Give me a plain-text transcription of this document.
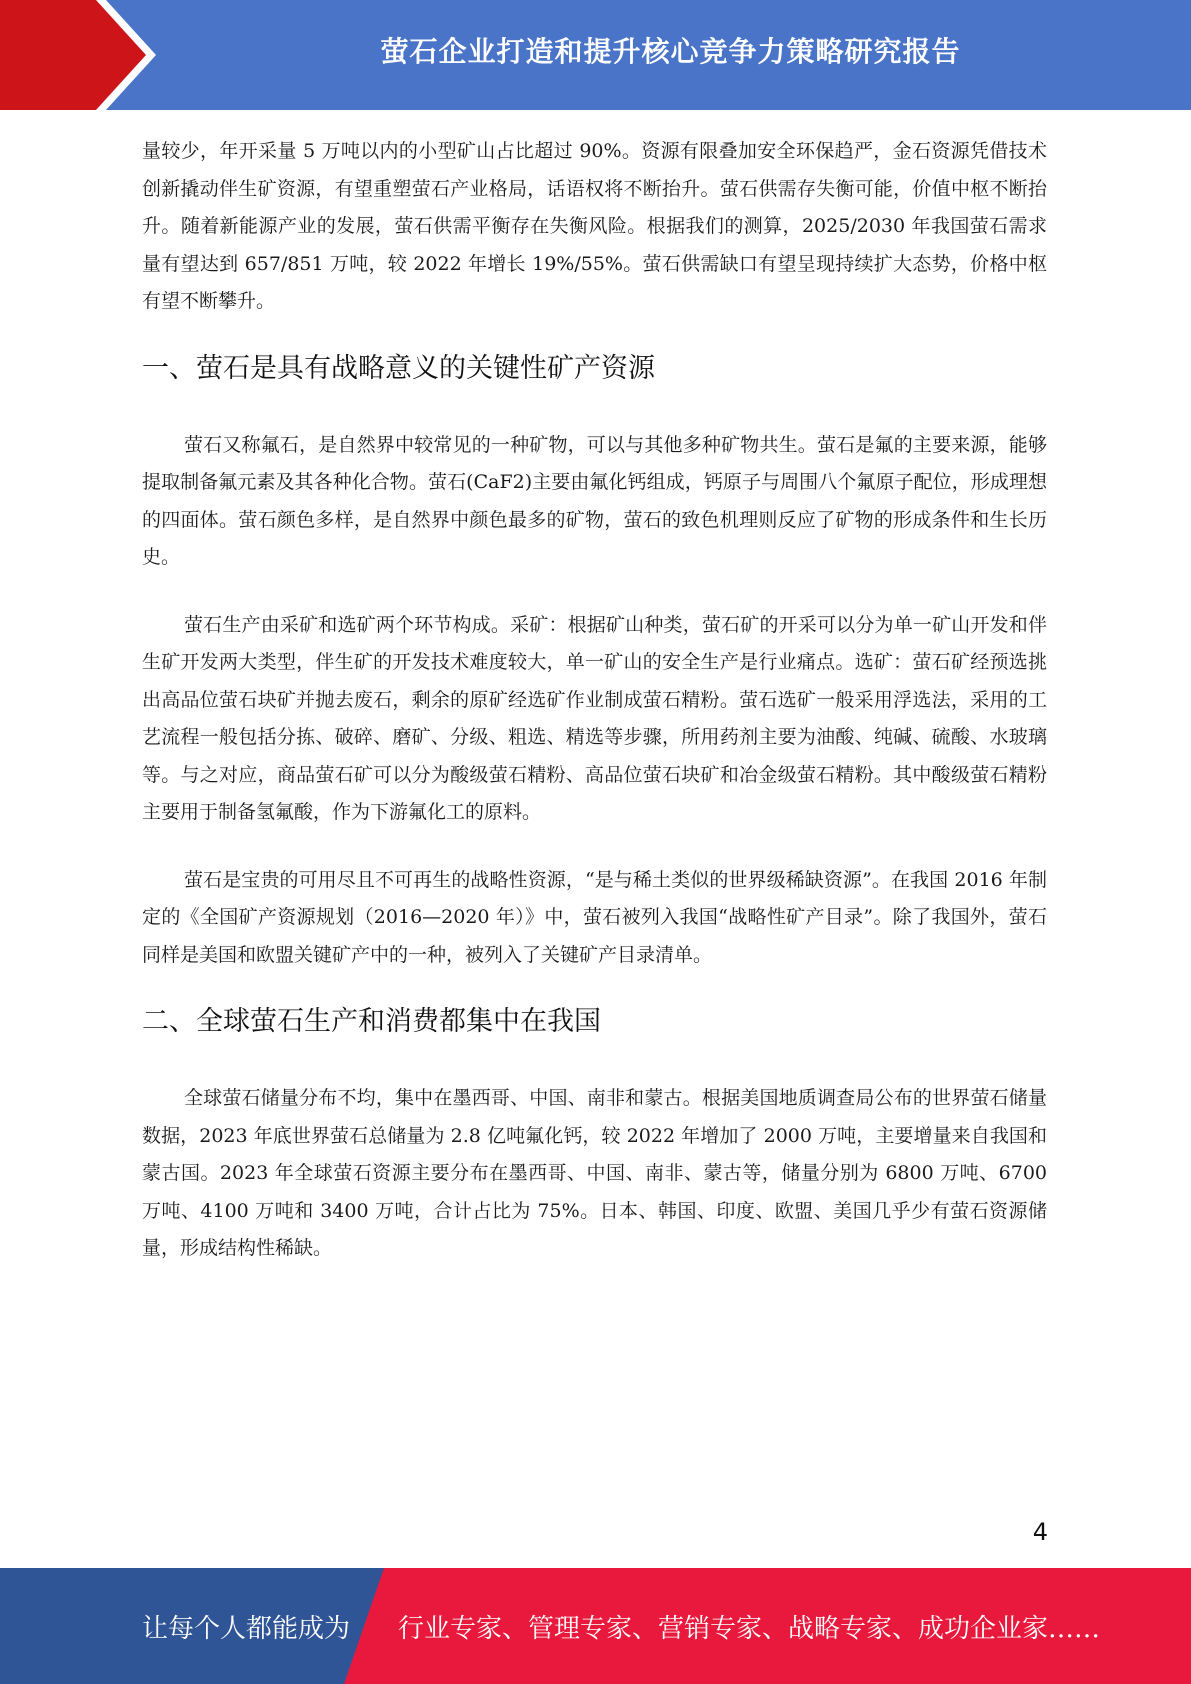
萤石企业打造和提升核心竞争力策略研究报告

量较少，年开采量 5 万吨以内的小型矿山占比超过 90%。资源有限叠加安全环保趋严，金石资源凭借技术创新撬动伴生矿资源，有望重塑萤石产业格局，话语权将不断抬升。萤石供需存失衡可能，价值中枢不断抬升。随着新能源产业的发展，萤石供需平衡存在失衡风险。根据我们的测算，2025/2030 年我国萤石需求量有望达到 657/851 万吨，较 2022 年增长 19%/55%。萤石供需缺口有望呈现持续扩大态势，价格中枢有望不断攀升。

一、萤石是具有战略意义的关键性矿产资源

萤石又称氟石，是自然界中较常见的一种矿物，可以与其他多种矿物共生。萤石是氟的主要来源，能够提取制备氟元素及其各种化合物。萤石(CaF2)主要由氟化钙组成，钙原子与周围八个氟原子配位，形成理想的四面体。萤石颜色多样，是自然界中颜色最多的矿物，萤石的致色机理则反应了矿物的形成条件和生长历史。

萤石生产由采矿和选矿两个环节构成。采矿：根据矿山种类，萤石矿的开采可以分为单一矿山开发和伴生矿开发两大类型，伴生矿的开发技术难度较大，单一矿山的安全生产是行业痛点。选矿：萤石矿经预选挑出高品位萤石块矿并抛去废石，剩余的原矿经选矿作业制成萤石精粉。萤石选矿一般采用浮选法，采用的工艺流程一般包括分拣、破碎、磨矿、分级、粗选、精选等步骤，所用药剂主要为油酸、纯碱、硫酸、水玻璃等。与之对应，商品萤石矿可以分为酸级萤石精粉、高品位萤石块矿和冶金级萤石精粉。其中酸级萤石精粉主要用于制备氢氟酸，作为下游氟化工的原料。

萤石是宝贵的可用尽且不可再生的战略性资源，“是与稀土类似的世界级稀缺资源”。在我国 2016 年制定的《全国矿产资源规划（2016—2020 年）》中，萤石被列入我国“战略性矿产目录”。除了我国外，萤石同样是美国和欧盟关键矿产中的一种，被列入了关键矿产目录清单。

二、全球萤石生产和消费都集中在我国

全球萤石储量分布不均，集中在墨西哥、中国、南非和蒙古。根据美国地质调查局公布的世界萤石储量数据，2023 年底世界萤石总储量为 2.8 亿吨氟化钙，较 2022 年增加了 2000 万吨，主要增量来自我国和蒙古国。2023 年全球萤石资源主要分布在墨西哥、中国、南非、蒙古等，储量分别为 6800 万吨、6700 万吨、4100 万吨和 3400 万吨，合计占比为 75%。日本、韩国、印度、欧盟、美国几乎少有萤石资源储量，形成结构性稀缺。

4
让每个人都能成为 行业专家、管理专家、营销专家、战略专家、成功企业家……
